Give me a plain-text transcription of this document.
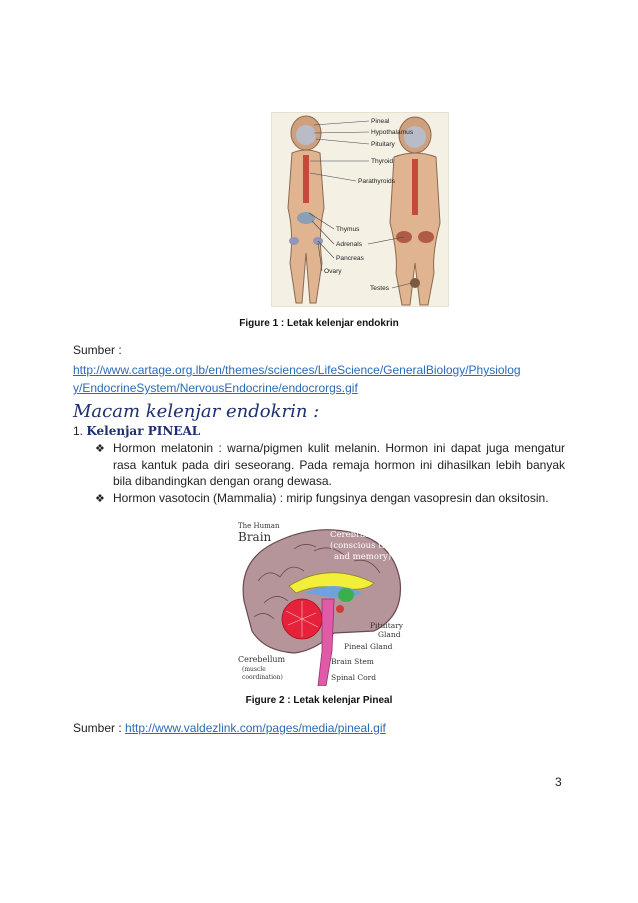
Pineal
Hypothalamus
Pituitary
Thyroid
Parathyroids
Thymus
Adrenals
Pancreas
Ovary
Testes
Figure 1 : Letak kelenjar endokrin
Sumber :
http://www.cartage.org.lb/en/themes/sciences/LifeScience/GeneralBiology/Physiolog
y/EndocrineSystem/NervousEndocrine/endocrorgs.gif
Macam kelenjar endokrin :
1. Kelenjar PINEAL
❖ Hormon melatonin : warna/pigmen kulit melanin. Hormon ini dapat juga mengatur rasa kantuk pada diri seseorang. Pada remaja hormon ini dihasilkan lebih banyak bila dibandingkan dengan orang dewasa.
❖ Hormon vasotocin (Mammalia) : mirip fungsinya dengan vasopresin dan oksitosin.
The Human
Brain	Cerebral Cortex
(conscious thought
and memory)
Pituitary
Gland
Pineal Gland
Cerebellum
(muscle
coordination)
Brain Stem
Spinal Cord
Figure 2 : Letak kelenjar Pineal
Sumber : http://www.valdezlink.com/pages/media/pineal.gif
3
